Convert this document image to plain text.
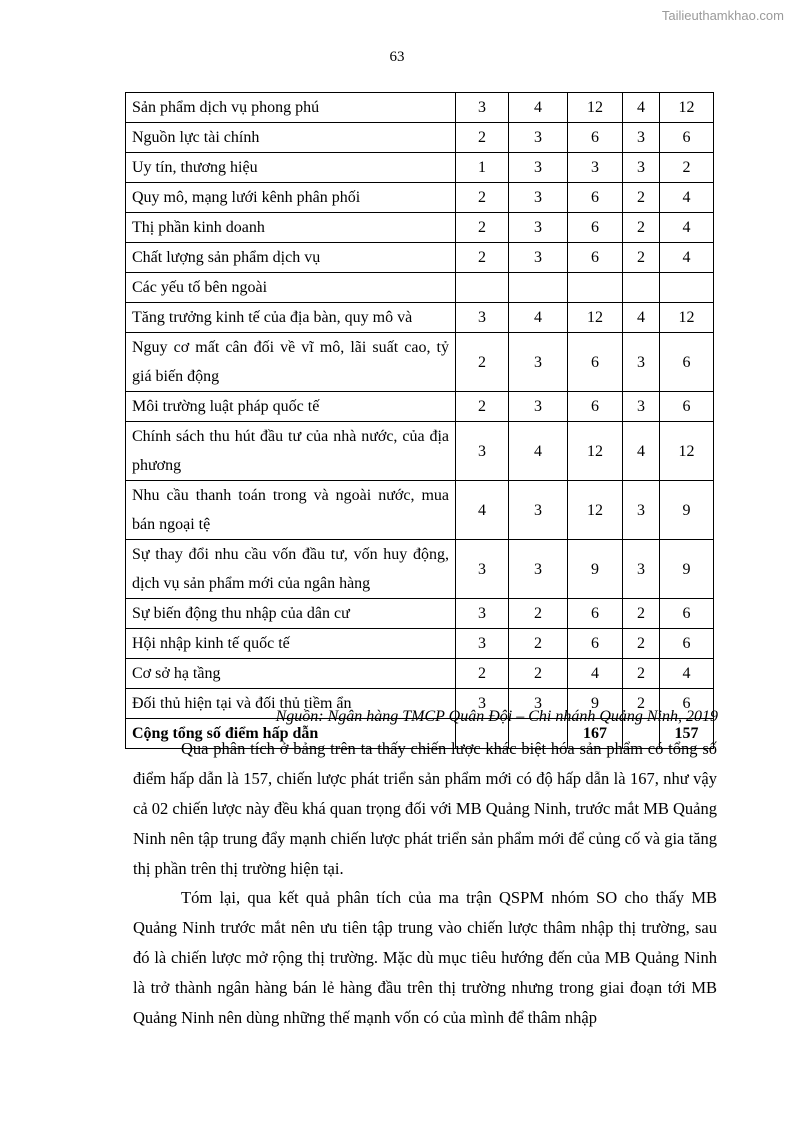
Tailieuthamkhao.com
63
Sản phẩm dịch vụ phong phú	3	4	12	4	12
Nguồn lực tài chính	2	3	6	3	6
Uy tín, thương hiệu	1	3	3	3	2
Quy mô, mạng lưới kênh phân phối	2	3	6	2	4
Thị phần kinh doanh	2	3	6	2	4
Chất lượng sản phẩm dịch vụ	2	3	6	2	4
Các yếu tố bên ngoài					
Tăng trưởng kinh tế của địa bàn, quy mô và	3	4	12	4	12
Nguy cơ mất cân đối về vĩ mô, lãi suất cao, tỷ giá biến động	2	3	6	3	6
Môi trường luật pháp quốc tế	2	3	6	3	6
Chính sách thu hút đầu tư của nhà nước, của địa phương	3	4	12	4	12
Nhu cầu thanh toán trong và ngoài nước, mua bán ngoại tệ	4	3	12	3	9
Sự thay đổi nhu cầu vốn đầu tư, vốn huy động, dịch vụ sản phẩm mới của ngân hàng	3	3	9	3	9
Sự biến động thu nhập của dân cư	3	2	6	2	6
Hội nhập kinh tế quốc tế	3	2	6	2	6
Cơ sở hạ tầng	2	2	4	2	4
Đối thủ hiện tại và đối thủ tiềm ẩn	3	3	9	2	6
Cộng tổng số điểm hấp dẫn			167		157
Nguồn: Ngân hàng TMCP Quân Đội – Chi nhánh Quảng Ninh, 2019

Qua phân tích ở bảng trên ta thấy chiến lược khác biệt hóa sản phẩm có tổng số điểm hấp dẫn là 157, chiến lược phát triển sản phẩm mới có độ hấp dẫn là 167, như vậy cả 02 chiến lược này đều khá quan trọng đối với MB Quảng Ninh, trước mắt MB Quảng Ninh nên tập trung đẩy mạnh chiến lược phát triển sản phẩm mới để củng cố và gia tăng thị phần trên thị trường hiện tại.

Tóm lại, qua kết quả phân tích của ma trận QSPM nhóm SO cho thấy MB Quảng Ninh trước mắt nên ưu tiên tập trung vào chiến lược thâm nhập thị trường, sau đó là chiến lược mở rộng thị trường. Mặc dù mục tiêu hướng đến của MB Quảng Ninh là trở thành ngân hàng bán lẻ hàng đầu trên thị trường nhưng trong giai đoạn tới MB Quảng Ninh nên dùng những thế mạnh vốn có của mình để thâm nhập
